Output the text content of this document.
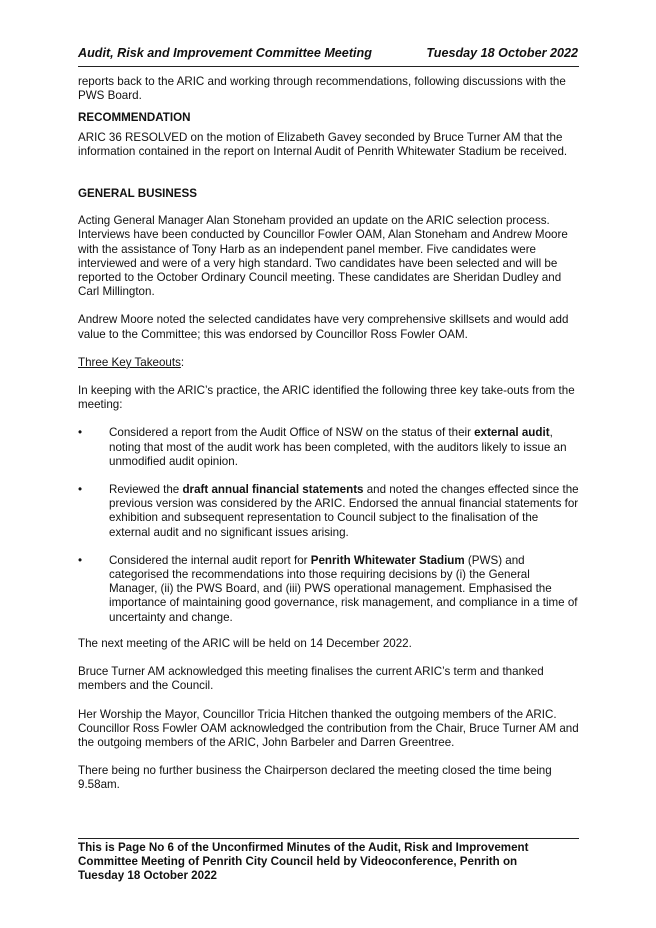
Audit, Risk and Improvement Committee Meeting	Tuesday 18 October 2022

reports back to the ARIC and working through recommendations, following discussions with the PWS Board.

RECOMMENDATION

ARIC 36 RESOLVED on the motion of Elizabeth Gavey seconded by Bruce Turner AM that the information contained in the report on Internal Audit of Penrith Whitewater Stadium be received.

GENERAL BUSINESS

Acting General Manager Alan Stoneham provided an update on the ARIC selection process. Interviews have been conducted by Councillor Fowler OAM, Alan Stoneham and Andrew Moore with the assistance of Tony Harb as an independent panel member. Five candidates were interviewed and were of a very high standard. Two candidates have been selected and will be reported to the October Ordinary Council meeting. These candidates are Sheridan Dudley and Carl Millington.

Andrew Moore noted the selected candidates have very comprehensive skillsets and would add value to the Committee; this was endorsed by Councillor Ross Fowler OAM.

Three Key Takeouts:

In keeping with the ARIC’s practice, the ARIC identified the following three key take-outs from the meeting:

•	Considered a report from the Audit Office of NSW on the status of their external audit, noting that most of the audit work has been completed, with the auditors likely to issue an unmodified audit opinion.
•	Reviewed the draft annual financial statements and noted the changes effected since the previous version was considered by the ARIC. Endorsed the annual financial statements for exhibition and subsequent representation to Council subject to the finalisation of the external audit and no significant issues arising.
•	Considered the internal audit report for Penrith Whitewater Stadium (PWS) and categorised the recommendations into those requiring decisions by (i) the General Manager, (ii) the PWS Board, and (iii) PWS operational management. Emphasised the importance of maintaining good governance, risk management, and compliance in a time of uncertainty and change.

The next meeting of the ARIC will be held on 14 December 2022.

Bruce Turner AM acknowledged this meeting finalises the current ARIC’s term and thanked members and the Council.

Her Worship the Mayor, Councillor Tricia Hitchen thanked the outgoing members of the ARIC. Councillor Ross Fowler OAM acknowledged the contribution from the Chair, Bruce Turner AM and the outgoing members of the ARIC, John Barbeler and Darren Greentree.

There being no further business the Chairperson declared the meeting closed the time being 9.58am.

This is Page No 6 of the Unconfirmed Minutes of the Audit, Risk and Improvement Committee Meeting of Penrith City Council held by Videoconference, Penrith on Tuesday 18 October 2022
